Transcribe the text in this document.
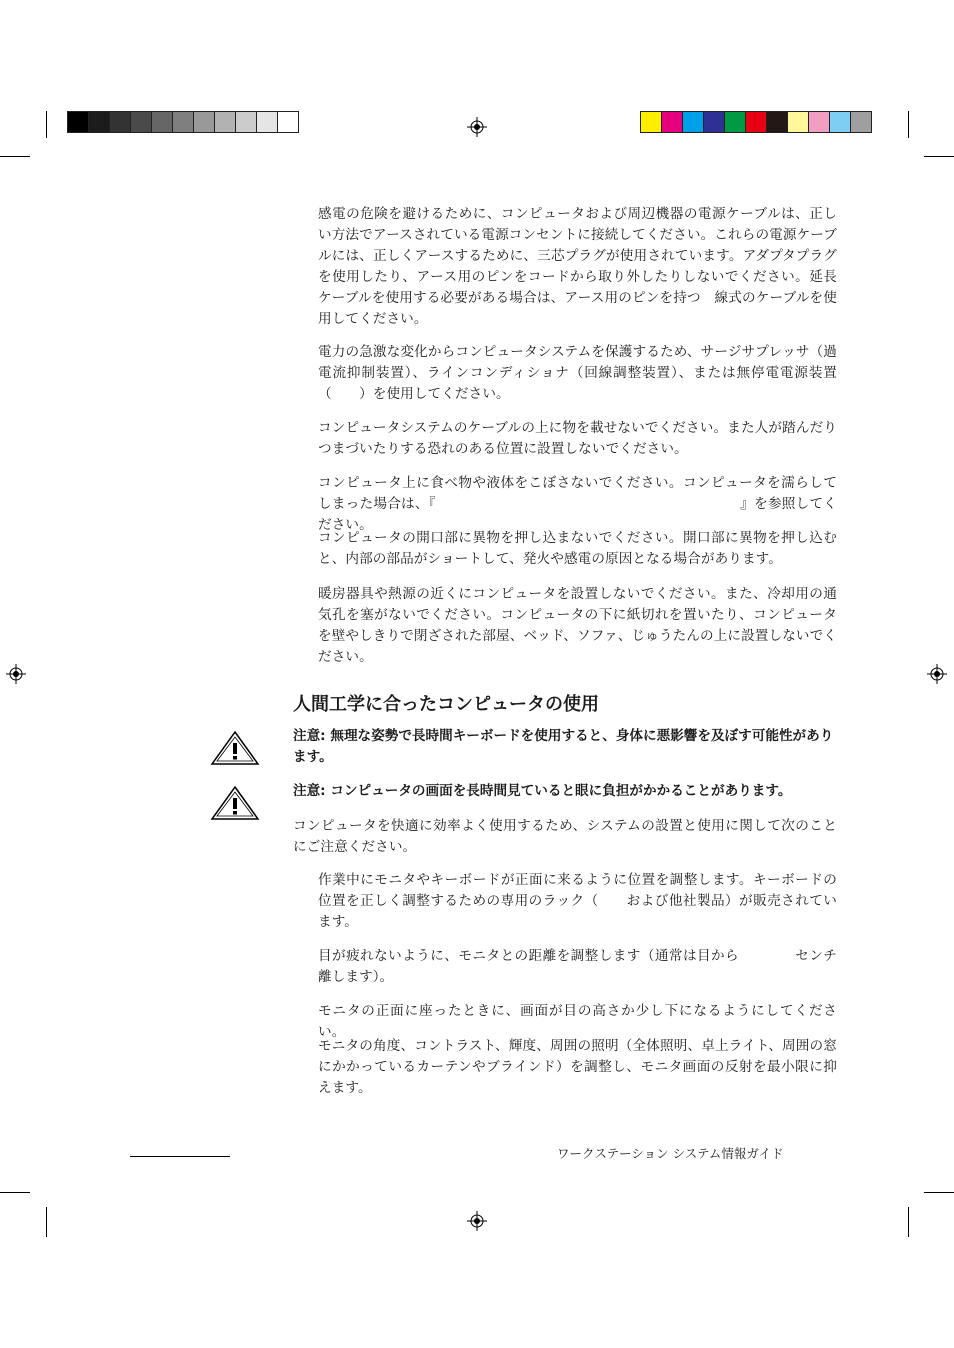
感電の危険を避けるために、コンピュータおよび周辺機器の電源ケーブルは、正しい方法でアースされている電源コンセントに接続してください。これらの電源ケーブルには、正しくアースするために、三芯プラグが使用されています。アダプタプラグを使用したり、アース用のピンをコードから取り外したりしないでください。延長ケーブルを使用する必要がある場合は、アース用のピンを持つ　線式のケーブルを使用してください。
電力の急激な変化からコンピュータシステムを保護するため、サージサプレッサ（過電流抑制装置）、ラインコンディショナ（回線調整装置）、または無停電電源装置（　　）を使用してください。
コンピュータシステムのケーブルの上に物を載せないでください。また人が踏んだりつまづいたりする恐れのある位置に設置しないでください。
コンピュータ上に食べ物や液体をこぼさないでください。コンピュータを濡らしてしまった場合は、『　　　　　　　　　　　　　　　　　　　　　　』を参照してください。
コンピュータの開口部に異物を押し込まないでください。開口部に異物を押し込むと、内部の部品がショートして、発火や感電の原因となる場合があります。
暖房器具や熱源の近くにコンピュータを設置しないでください。また、冷却用の通気孔を塞がないでください。コンピュータの下に紙切れを置いたり、コンピュータを壁やしきりで閉ざされた部屋、ベッド、ソファ、じゅうたんの上に設置しないでください。
人間工学に合ったコンピュータの使用
注意: 無理な姿勢で長時間キーボードを使用すると、身体に悪影響を及ぼす可能性があります。
注意: コンピュータの画面を長時間見ていると眼に負担がかかることがあります。
コンピュータを快適に効率よく使用するため、システムの設置と使用に関して次のことにご注意ください。
作業中にモニタやキーボードが正面に来るように位置を調整します。キーボードの位置を正しく調整するための専用のラック（　　および他社製品）が販売されています。
目が疲れないように、モニタとの距離を調整します（通常は目から　　　　センチ離します）。
モニタの正面に座ったときに、画面が目の高さか少し下になるようにしてください。
モニタの角度、コントラスト、輝度、周囲の照明（全体照明、卓上ライト、周囲の窓にかかっているカーテンやブラインド）を調整し、モニタ画面の反射を最小限に抑えます。
ワークステーション システム情報ガイド
